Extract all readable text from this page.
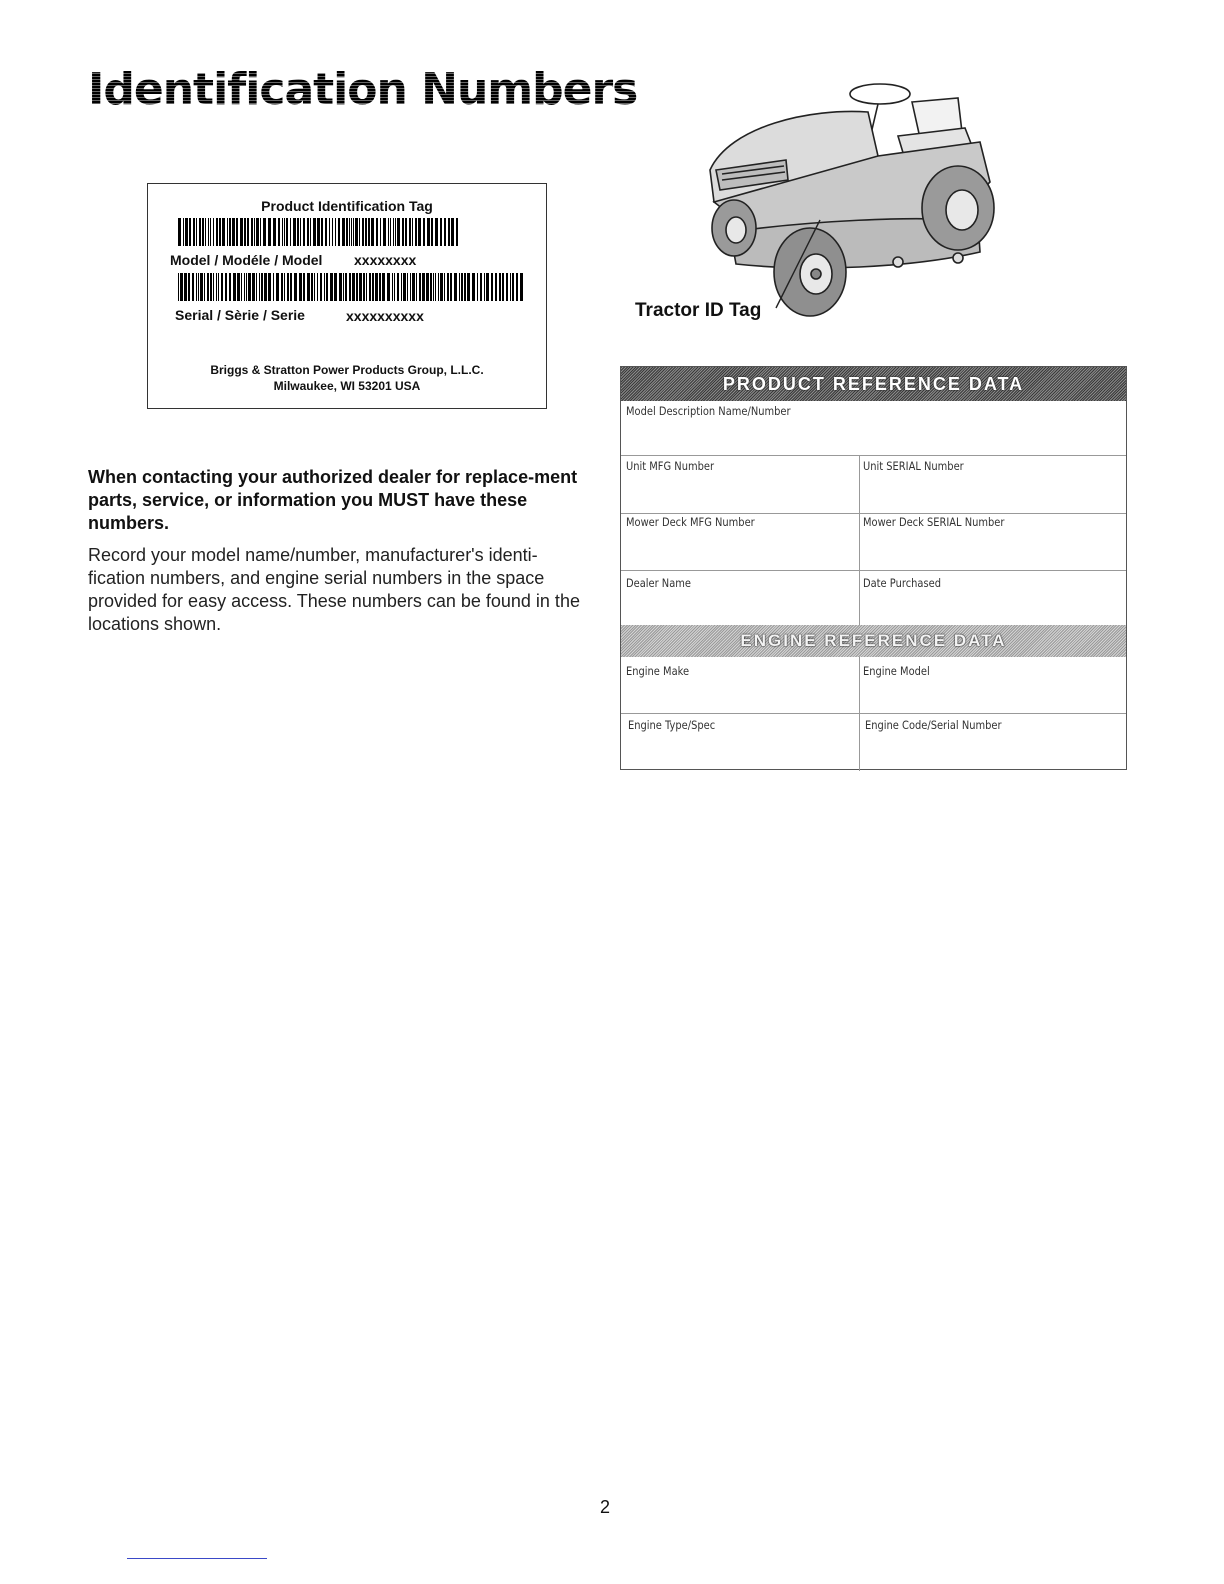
Identification Numbers
Product Identification Tag
Model / Modéle / Model xxxxxxxx
Serial / Sèrie / Serie	xxxxxxxxxx
Briggs & Stratton Power Products Group, L.L.C.
Milwaukee, WI 53201 USA

When contacting your authorized dealer for replace-ment parts, service, or information you MUST have these numbers.

Record your model name/number, manufacturer's identi-fication numbers, and engine serial numbers in the space provided for easy access. These numbers can be found in the locations shown.

Tractor ID Tag
PRODUCT REFERENCE DATA
Model Description Name/Number
Unit MFG Number	Unit SERIAL Number
Mower Deck MFG Number	Mower Deck SERIAL Number
Dealer Name	Date Purchased
ENGINE REFERENCE DATA
Engine Make	Engine Model
Engine Type/Spec	Engine Code/Serial Number
2
